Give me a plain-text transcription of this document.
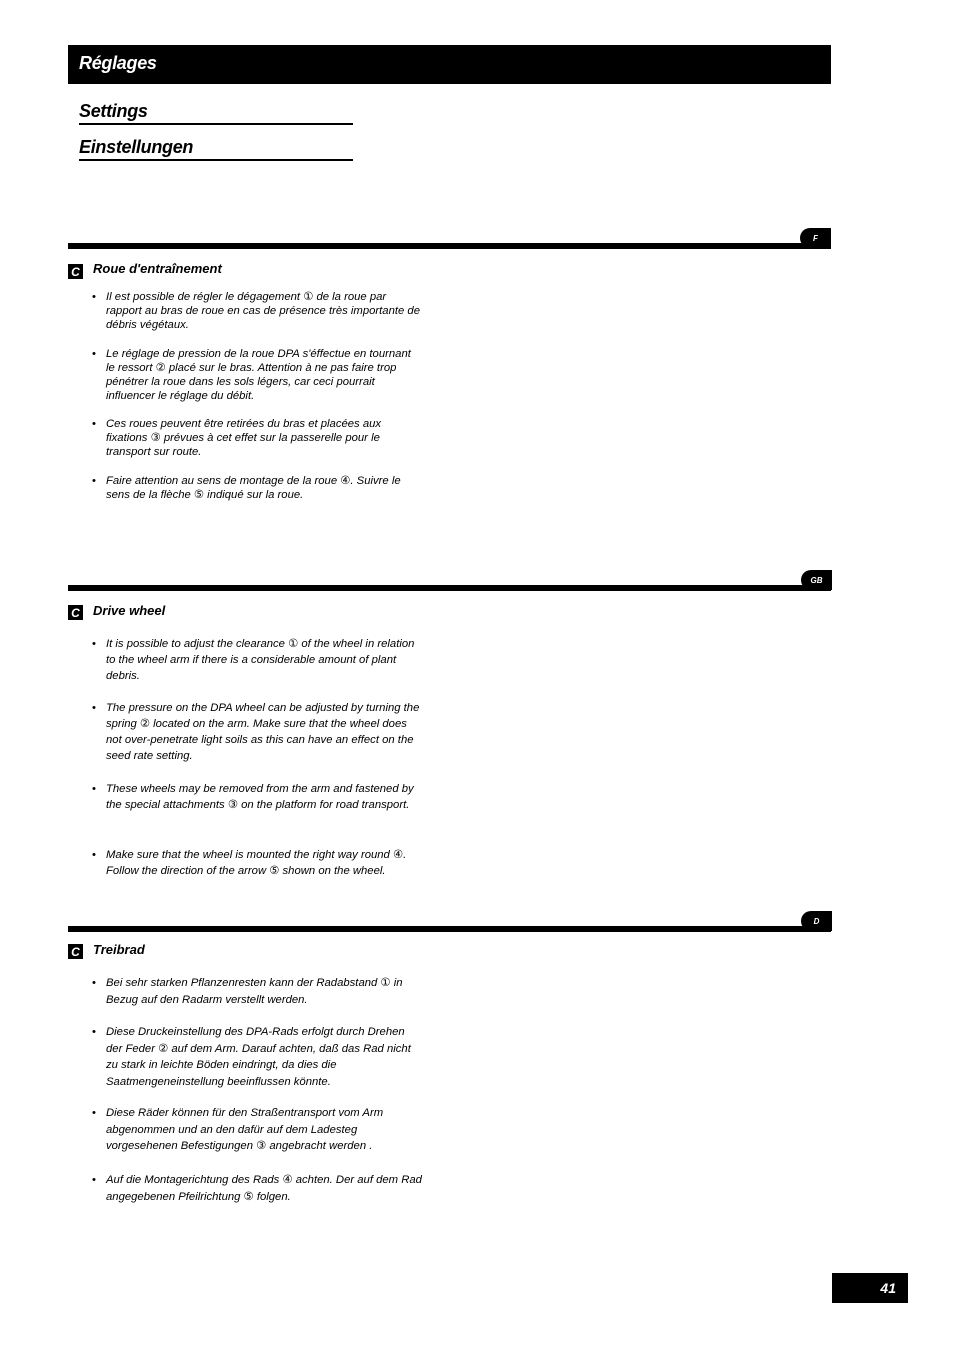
Réglages
Settings
Einstellungen
F
C Roue d'entraînement
• Il est possible de régler le dégagement ① de la roue par rapport au bras de roue en cas de présence très importante de débris végétaux.
• Le réglage de pression de la roue DPA s'éffectue en tournant le ressort ② placé sur le bras. Attention à ne pas faire trop pénétrer la roue dans les sols légers, car ceci pourrait influencer le réglage du débit.
• Ces roues peuvent être retirées du bras et placées aux fixations ③ prévues à cet effet sur la passerelle pour le transport sur route.
• Faire attention au sens de montage de la roue ④. Suivre le sens de la flèche ⑤ indiqué sur la roue.
GB
C Drive wheel
• It is possible to adjust the clearance ① of the wheel in relation to the wheel arm if there is a considerable amount of plant debris.
• The pressure on the DPA wheel can be adjusted by turning the spring ② located on the arm. Make sure that the wheel does not over-penetrate light soils as this can have an effect on the seed rate setting.
• These wheels may be removed from the arm and fastened by the special attachments ③ on the platform for road transport.
• Make sure that the wheel is mounted the right way round ④. Follow the direction of the arrow ⑤ shown on the wheel.
D
C Treibrad
• Bei sehr starken Pflanzenresten kann der Radabstand ① in Bezug auf den Radarm verstellt werden.
• Diese Druckeinstellung des DPA-Rads erfolgt durch Drehen der Feder ② auf dem Arm. Darauf achten, daß das Rad nicht zu stark in leichte Böden eindringt, da dies die Saatmengeneinstellung beeinflussen könnte.
• Diese Räder können für den Straßentransport vom Arm abgenommen und an den dafür auf dem Ladesteg vorgesehenen Befestigungen ③ angebracht werden .
• Auf die Montagerichtung des Rads ④ achten. Der auf dem Rad angegebenen Pfeilrichtung ⑤ folgen.
41
